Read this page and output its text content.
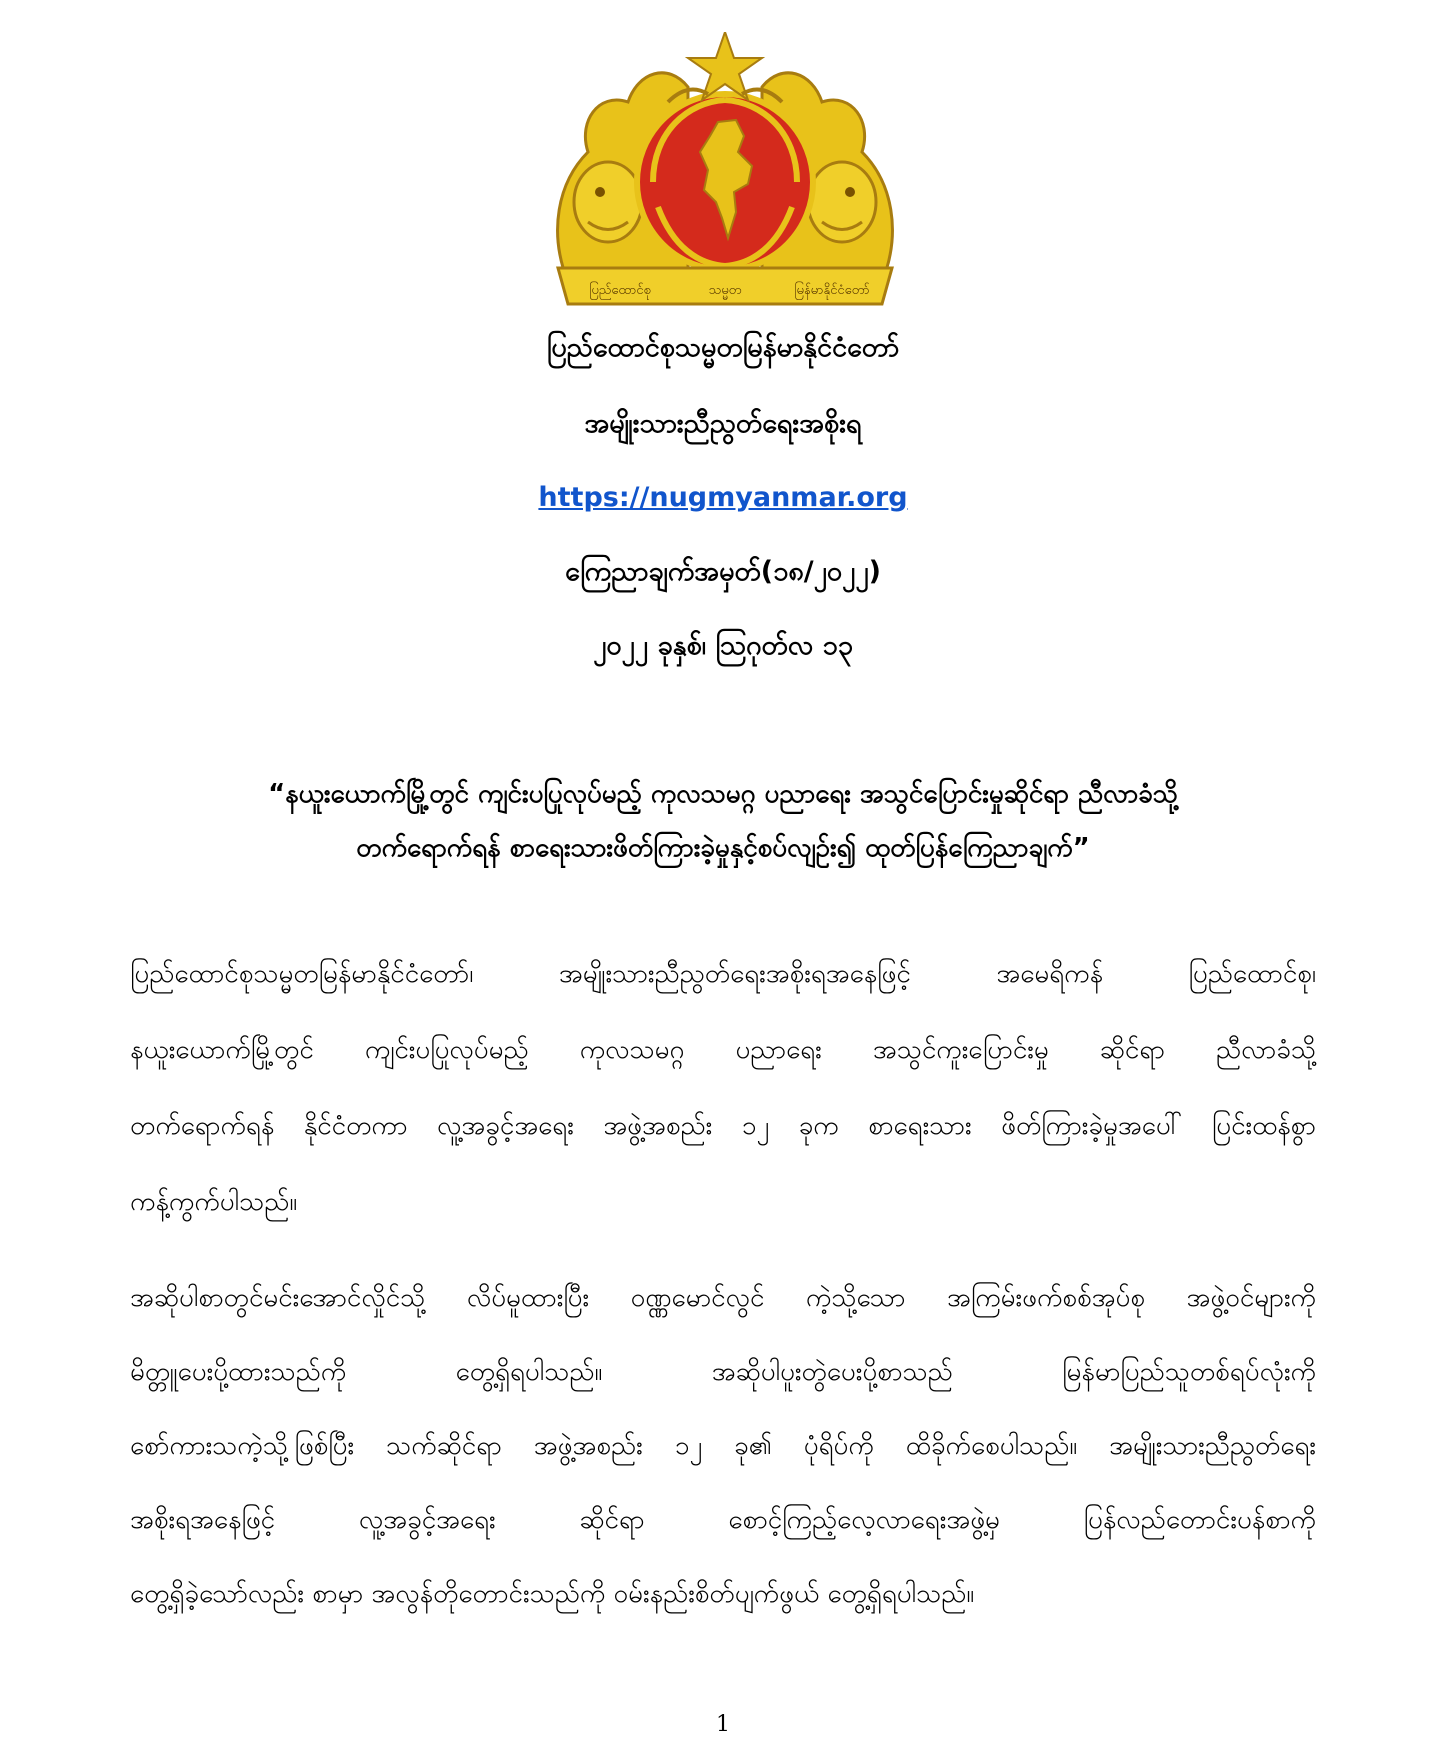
ပြည်ထောင်စု	သမ္မတ	မြန်မာနိုင်ငံတော်
ပြည်ထောင်စုသမ္မတမြန်မာနိုင်ငံတော်
အမျိုးသားညီညွတ်ရေးအစိုးရ
https://nugmyanmar.org
ကြေညာချက်အမှတ်(၁၈/၂၀၂၂)
၂၀၂၂ ခုနှစ်၊ ဩဂုတ်လ ၁၃
“နယူးယောက်မြို့တွင် ကျင်းပပြုလုပ်မည့် ကုလသမဂ္ဂ ပညာရေး အသွင်ပြောင်းမှုဆိုင်ရာ ညီလာခံသို့
တက်ရောက်ရန် စာရေးသားဖိတ်ကြားခဲ့မှုနှင့်စပ်လျဉ်း၍ ထုတ်ပြန်ကြေညာချက်”
ပြည်ထောင်စုသမ္မတမြန်မာနိုင်ငံတော်၊ အမျိုးသားညီညွတ်ရေးအစိုးရအနေဖြင့် အမေရိကန် ပြည်ထောင်စု၊
နယူးယောက်မြို့တွင် ကျင်းပပြုလုပ်မည့် ကုလသမဂ္ဂ ပညာရေး အသွင်ကူးပြောင်းမှု ဆိုင်ရာ ညီလာခံသို့
တက်ရောက်ရန် နိုင်ငံတကာ လူ့အခွင့်အရေး အဖွဲ့အစည်း ၁၂ ခုက စာရေးသား ဖိတ်ကြားခဲ့မှုအပေါ် ပြင်းထန်စွာ
ကန့်ကွက်ပါသည်။
အဆိုပါစာတွင်မင်းအောင်လှိုင်သို့ လိပ်မူထားပြီး ဝဏ္ဏမောင်လွင် ကဲ့သို့သော အကြမ်းဖက်စစ်အုပ်စု အဖွဲ့ဝင်များကို
မိတ္တူပေးပို့ထားသည်ကို တွေ့ရှိရပါသည်။ အဆိုပါပူးတွဲပေးပို့စာသည် မြန်မာပြည်သူတစ်ရပ်လုံးကို
စော်ကားသကဲ့သို့ဖြစ်ပြီး သက်ဆိုင်ရာ အဖွဲ့အစည်း ၁၂ ခု၏ ပုံရိပ်ကို ထိခိုက်စေပါသည်။ အမျိုးသားညီညွတ်ရေး
အစိုးရအနေဖြင့် လူ့အခွင့်အရေး ဆိုင်ရာ စောင့်ကြည့်လေ့လာရေးအဖွဲ့မှ ပြန်လည်တောင်းပန်စာကို
တွေ့ရှိခဲ့သော်လည်း စာမှာ အလွန်တိုတောင်းသည်ကို ဝမ်းနည်းစိတ်ပျက်ဖွယ် တွေ့ရှိရပါသည်။
1
